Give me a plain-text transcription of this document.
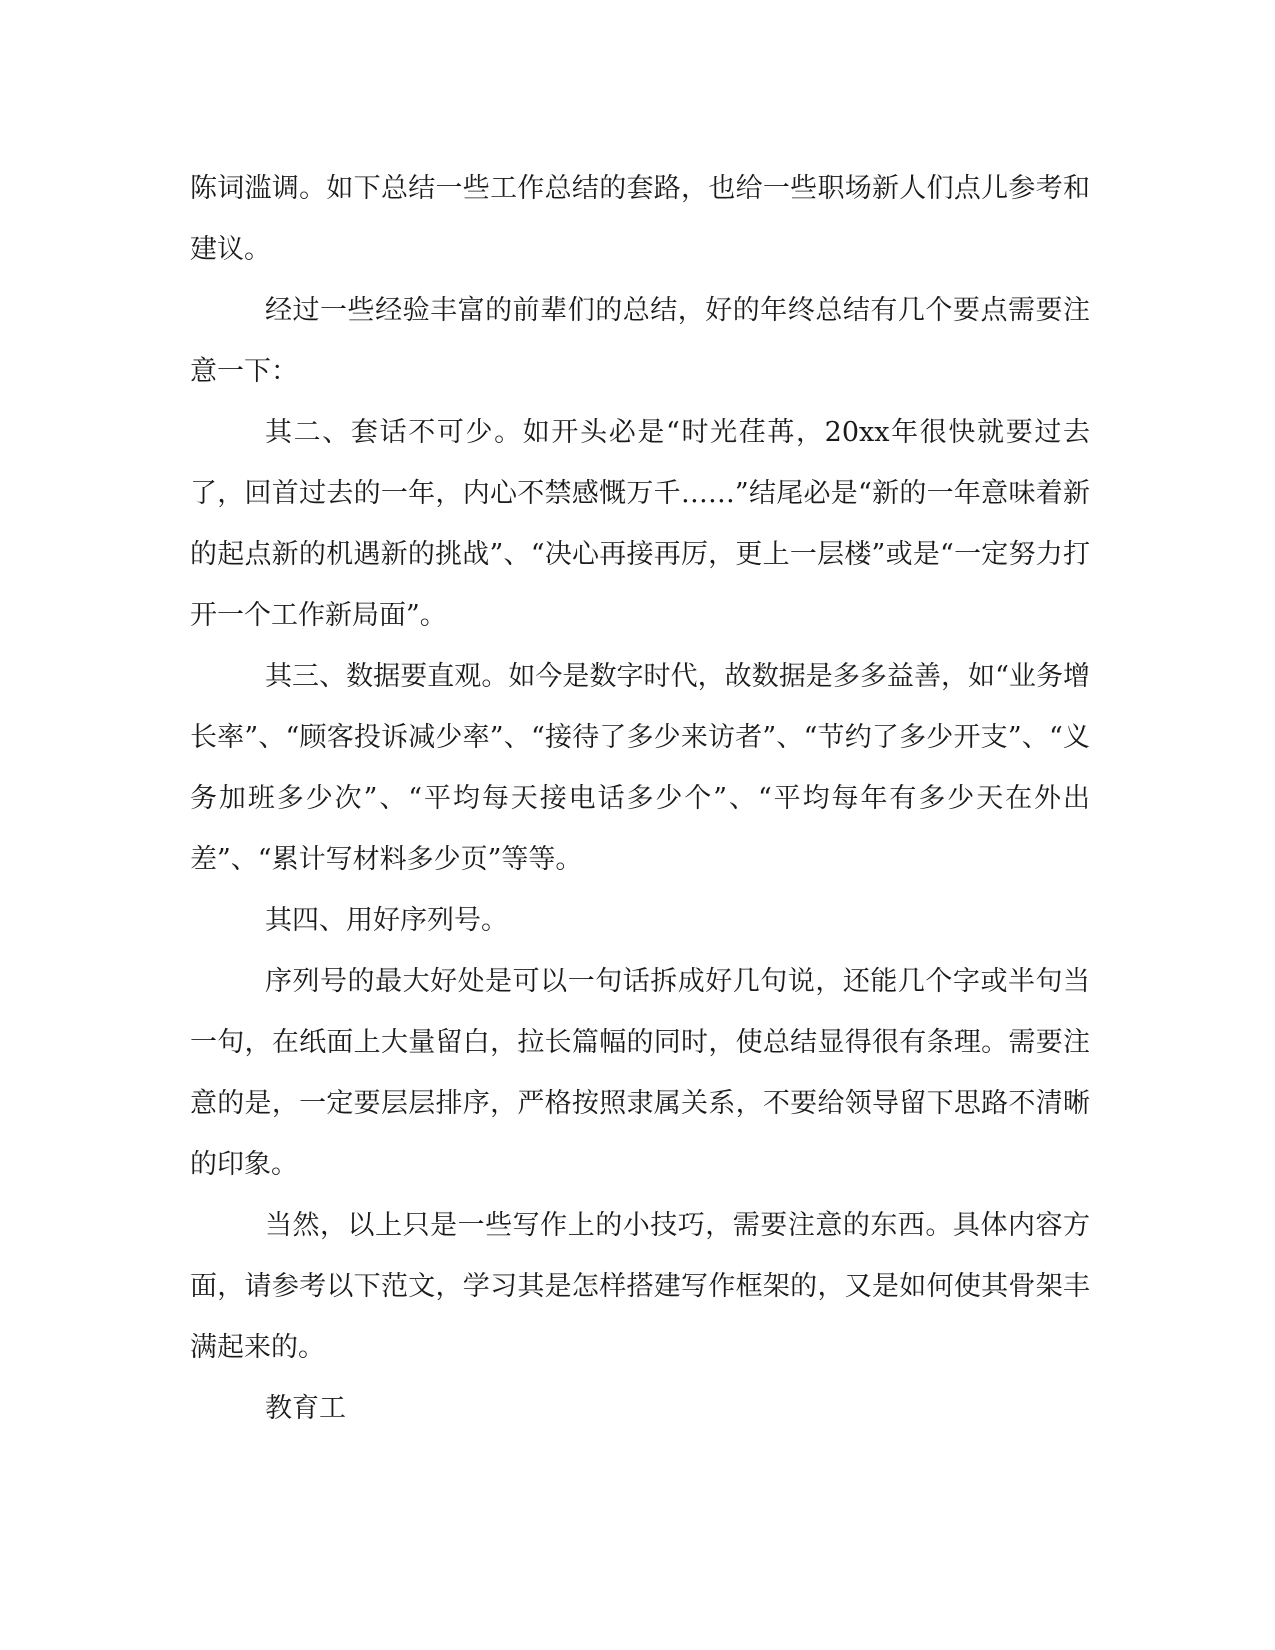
陈词滥调。如下总结一些工作总结的套路，也给一些职场新人们点儿参考和建议。

经过一些经验丰富的前辈们的总结，好的年终总结有几个要点需要注意一下：

其二、套话不可少。如开头必是“时光荏苒，20xx年很快就要过去了，回首过去的一年，内心不禁感慨万千……”结尾必是“新的一年意味着新的起点新的机遇新的挑战”、“决心再接再厉，更上一层楼”或是“一定努力打开一个工作新局面”。

其三、数据要直观。如今是数字时代，故数据是多多益善，如“业务增长率”、“顾客投诉减少率”、“接待了多少来访者”、“节约了多少开支”、“义务加班多少次”、“平均每天接电话多少个”、“平均每年有多少天在外出差”、“累计写材料多少页”等等。

其四、用好序列号。

序列号的最大好处是可以一句话拆成好几句说，还能几个字或半句当一句，在纸面上大量留白，拉长篇幅的同时，使总结显得很有条理。需要注意的是，一定要层层排序，严格按照隶属关系，不要给领导留下思路不清晰的印象。

当然，以上只是一些写作上的小技巧，需要注意的东西。具体内容方面，请参考以下范文，学习其是怎样搭建写作框架的，又是如何使其骨架丰满起来的。

教育工
